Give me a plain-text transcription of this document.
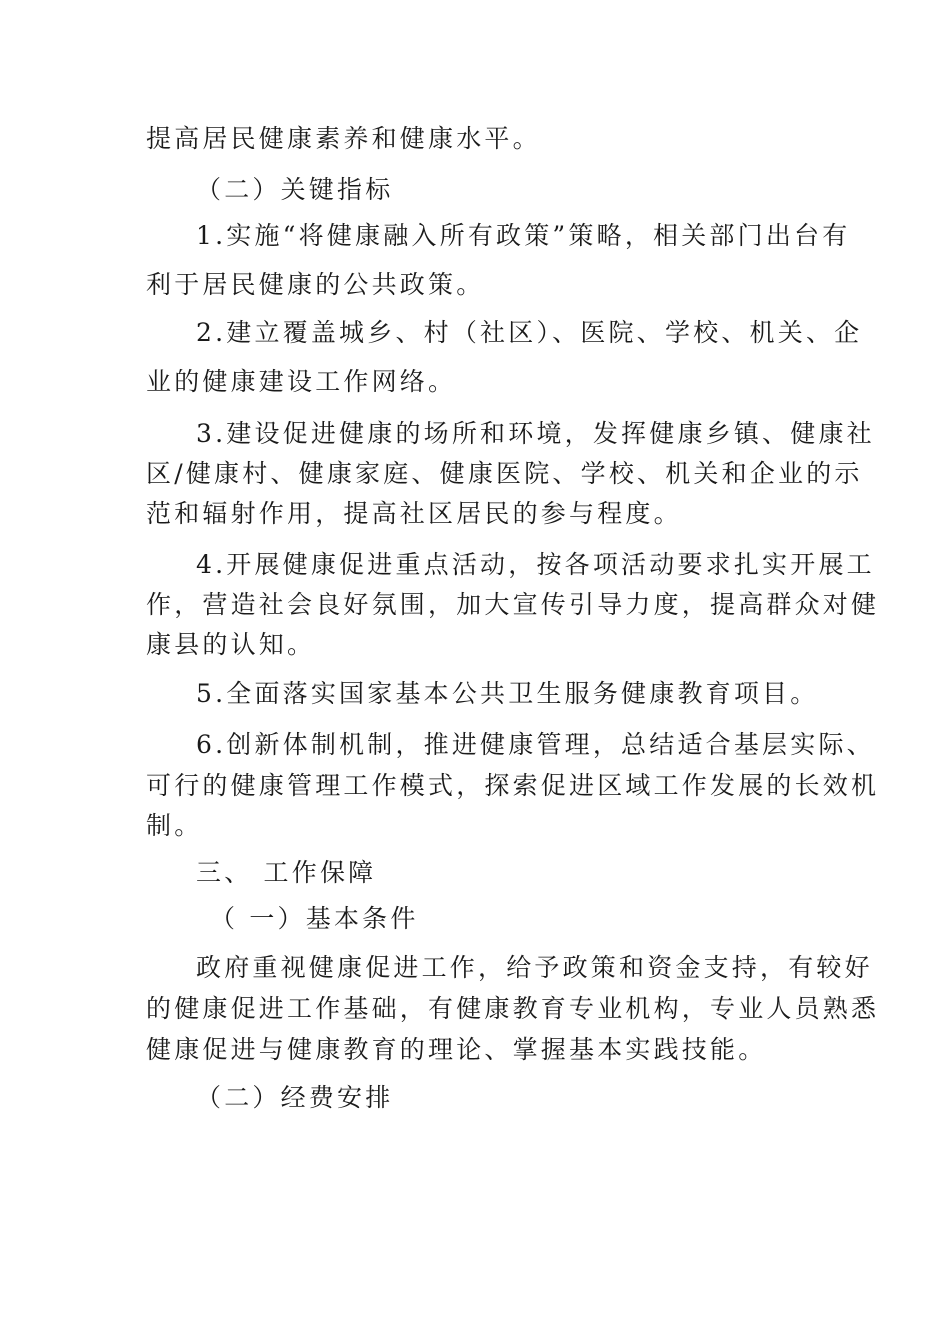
提高居民健康素养和健康水平。
（二）关键指标
1.实施“将健康融入所有政策”策略，相关部门出台有
利于居民健康的公共政策。
2.建立覆盖城乡、村（社区）、医院、学校、机关、企
业的健康建设工作网络。
3.建设促进健康的场所和环境，发挥健康乡镇、健康社
区/健康村、健康家庭、健康医院、学校、机关和企业的示
范和辐射作用，提高社区居民的参与程度。
4.开展健康促进重点活动，按各项活动要求扎实开展工
作，营造社会良好氛围，加大宣传引导力度，提高群众对健
康县的认知。
5.全面落实国家基本公共卫生服务健康教育项目。
6.创新体制机制，推进健康管理，总结适合基层实际、
可行的健康管理工作模式，探索促进区域工作发展的长效机
制。
三、 工作保障
（ 一）基本条件
政府重视健康促进工作，给予政策和资金支持，有较好
的健康促进工作基础，有健康教育专业机构，专业人员熟悉
健康促进与健康教育的理论、掌握基本实践技能。
（二）经费安排
